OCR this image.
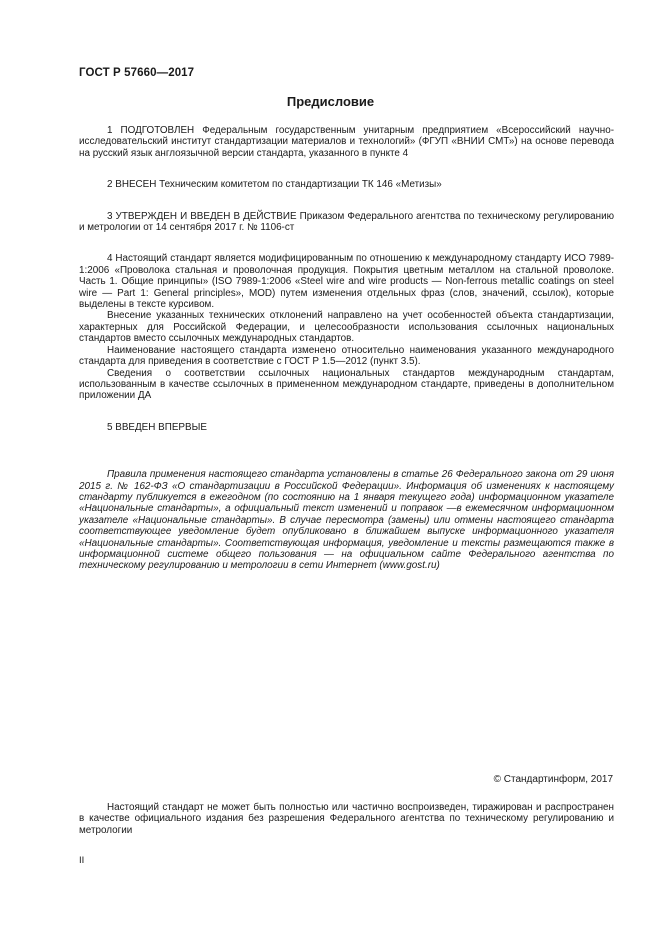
ГОСТ Р 57660—2017
Предисловие

1 ПОДГОТОВЛЕН Федеральным государственным унитарным предприятием «Всероссийский научно-исследовательский институт стандартизации материалов и технологий» (ФГУП «ВНИИ СМТ») на основе перевода на русский язык англоязычной версии стандарта, указанного в пункте 4

2 ВНЕСЕН Техническим комитетом по стандартизации ТК 146 «Метизы»

3 УТВЕРЖДЕН И ВВЕДЕН В ДЕЙСТВИЕ Приказом Федерального агентства по техническому регулированию и метрологии от 14 сентября 2017 г. № 1106-ст

4 Настоящий стандарт является модифицированным по отношению к международному стандарту ИСО 7989-1:2006 «Проволока стальная и проволочная продукция. Покрытия цветным металлом на стальной проволоке. Часть 1. Общие принципы» (ISO 7989-1:2006 «Steel wire and wire products — Non-ferrous metallic coatings on steel wire — Part 1: General principles», MOD) путем изменения отдельных фраз (слов, значений, ссылок), которые выделены в тексте курсивом.

Внесение указанных технических отклонений направлено на учет особенностей объекта стандартизации, характерных для Российской Федерации, и целесообразности использования ссылочных национальных стандартов вместо ссылочных международных стандартов.

Наименование настоящего стандарта изменено относительно наименования указанного международного стандарта для приведения в соответствие с ГОСТ Р 1.5—2012 (пункт 3.5).

Сведения о соответствии ссылочных национальных стандартов международным стандартам, использованным в качестве ссылочных в примененном международном стандарте, приведены в дополнительном приложении ДА

5 ВВЕДЕН ВПЕРВЫЕ

Правила применения настоящего стандарта установлены в статье 26 Федерального закона от 29 июня 2015 г. № 162-ФЗ «О стандартизации в Российской Федерации». Информация об изменениях к настоящему стандарту публикуется в ежегодном (по состоянию на 1 января текущего года) информационном указателе «Национальные стандарты», а официальный текст изменений и поправок —в ежемесячном информационном указателе «Национальные стандарты». В случае пересмотра (замены) или отмены настоящего стандарта соответствующее уведомление будет опубликовано в ближайшем выпуске информационного указателя «Национальные стандарты». Соответствующая информация, уведомление и тексты размещаются также в информационной системе общего пользования — на официальном сайте Федерального агентства по техническому регулированию и метрологии в сети Интернет (www.gost.ru)

© Стандартинформ, 2017
Настоящий стандарт не может быть полностью или частично воспроизведен, тиражирован и распространен в качестве официального издания без разрешения Федерального агентства по техническому регулированию и метрологии
II
